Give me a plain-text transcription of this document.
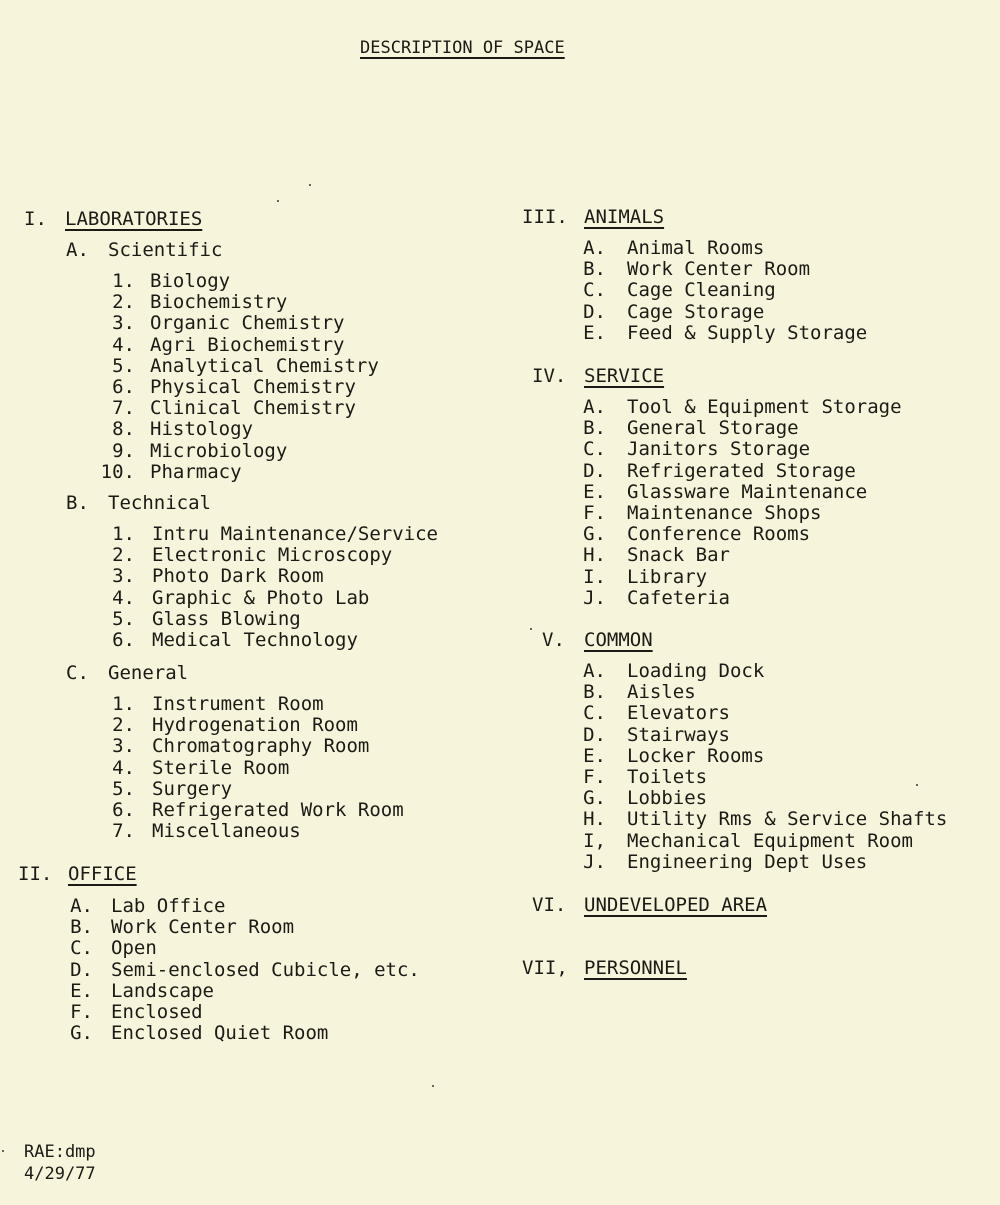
DESCRIPTION OF SPACE
I. LABORATORIES
A. Scientific
1. Biology
2. Biochemistry
3. Organic Chemistry
4. Agri Biochemistry
5. Analytical Chemistry
6. Physical Chemistry
7. Clinical Chemistry
8. Histology
9. Microbiology
10. Pharmacy
B. Technical
1. Intru Maintenance/Service
2. Electronic Microscopy
3. Photo Dark Room
4. Graphic & Photo Lab
5. Glass Blowing
6. Medical Technology
C. General
1. Instrument Room
2. Hydrogenation Room
3. Chromatography Room
4. Sterile Room
5. Surgery
6. Refrigerated Work Room
7. Miscellaneous
II. OFFICE
A. Lab Office
B. Work Center Room
C. Open
D. Semi-enclosed Cubicle, etc.
E. Landscape
F. Enclosed
G. Enclosed Quiet Room
III. ANIMALS
A. Animal Rooms
B. Work Center Room
C. Cage Cleaning
D. Cage Storage
E. Feed & Supply Storage
IV. SERVICE
A. Tool & Equipment Storage
B. General Storage
C. Janitors Storage
D. Refrigerated Storage
E. Glassware Maintenance
F. Maintenance Shops
G. Conference Rooms
H. Snack Bar
I. Library
J. Cafeteria
V. COMMON
A. Loading Dock
B. Aisles
C. Elevators
D. Stairways
E. Locker Rooms
F. Toilets
G. Lobbies
H. Utility Rms & Service Shafts
I, Mechanical Equipment Room
J. Engineering Dept Uses
VI. UNDEVELOPED AREA
VII, PERSONNEL
RAE:dmp
4/29/77
